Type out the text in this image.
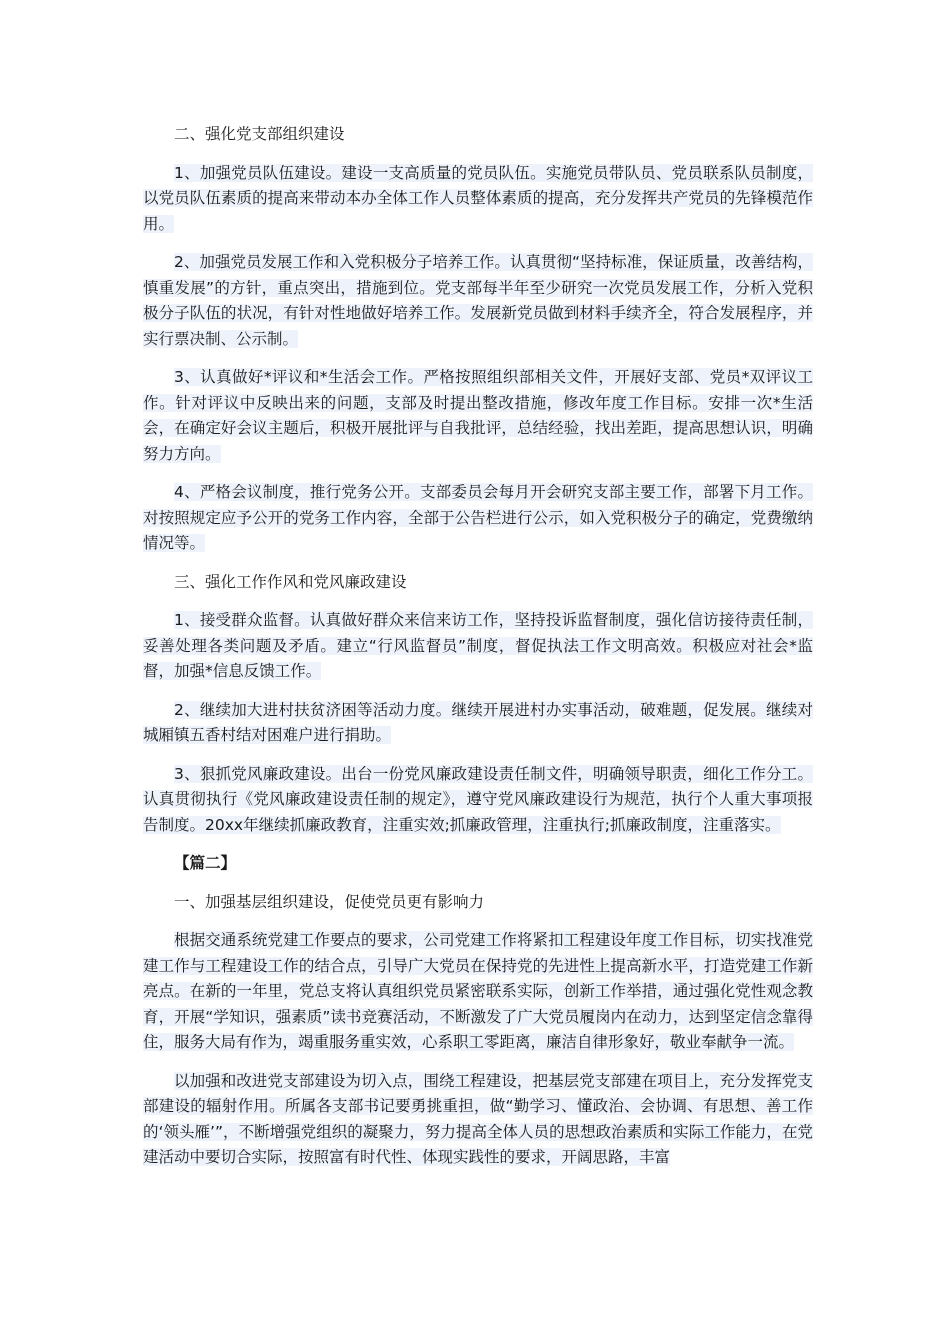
二、强化党支部组织建设

1、加强党员队伍建设。建设一支高质量的党员队伍。实施党员带队员、党员联系队员制度，以党员队伍素质的提高来带动本办全体工作人员整体素质的提高，充分发挥共产党员的先锋模范作用。

2、加强党员发展工作和入党积极分子培养工作。认真贯彻“坚持标准，保证质量，改善结构，慎重发展”的方针，重点突出，措施到位。党支部每半年至少研究一次党员发展工作，分析入党积极分子队伍的状况，有针对性地做好培养工作。发展新党员做到材料手续齐全，符合发展程序，并实行票决制、公示制。

3、认真做好*评议和*生活会工作。严格按照组织部相关文件，开展好支部、党员*双评议工作。针对评议中反映出来的问题，支部及时提出整改措施，修改年度工作目标。安排一次*生活会，在确定好会议主题后，积极开展批评与自我批评，总结经验，找出差距，提高思想认识，明确努力方向。

4、严格会议制度，推行党务公开。支部委员会每月开会研究支部主要工作，部署下月工作。对按照规定应予公开的党务工作内容，全部于公告栏进行公示，如入党积极分子的确定，党费缴纳情况等。

三、强化工作作风和党风廉政建设

1、接受群众监督。认真做好群众来信来访工作，坚持投诉监督制度，强化信访接待责任制，妥善处理各类问题及矛盾。建立“行风监督员”制度，督促执法工作文明高效。积极应对社会*监督，加强*信息反馈工作。

2、继续加大进村扶贫济困等活动力度。继续开展进村办实事活动，破难题，促发展。继续对城厢镇五香村结对困难户进行捐助。

3、狠抓党风廉政建设。出台一份党风廉政建设责任制文件，明确领导职责，细化工作分工。认真贯彻执行《党风廉政建设责任制的规定》，遵守党风廉政建设行为规范，执行个人重大事项报告制度。20xx年继续抓廉政教育，注重实效;抓廉政管理，注重执行;抓廉政制度，注重落实。

【篇二】

一、加强基层组织建设，促使党员更有影响力

根据交通系统党建工作要点的要求，公司党建工作将紧扣工程建设年度工作目标，切实找准党建工作与工程建设工作的结合点，引导广大党员在保持党的先进性上提高新水平，打造党建工作新亮点。在新的一年里，党总支将认真组织党员紧密联系实际，创新工作举措，通过强化党性观念教育，开展“学知识，强素质”读书竞赛活动，不断激发了广大党员履岗内在动力，达到坚定信念靠得住，服务大局有作为，竭重服务重实效，心系职工零距离，廉洁自律形象好，敬业奉献争一流。

以加强和改进党支部建设为切入点，围绕工程建设，把基层党支部建在项目上，充分发挥党支部建设的辐射作用。所属各支部书记要勇挑重担，做“勤学习、懂政治、会协调、有思想、善工作的‘领头雁’”，不断增强党组织的凝聚力，努力提高全体人员的思想政治素质和实际工作能力，在党建活动中要切合实际，按照富有时代性、体现实践性的要求，开阔思路，丰富
